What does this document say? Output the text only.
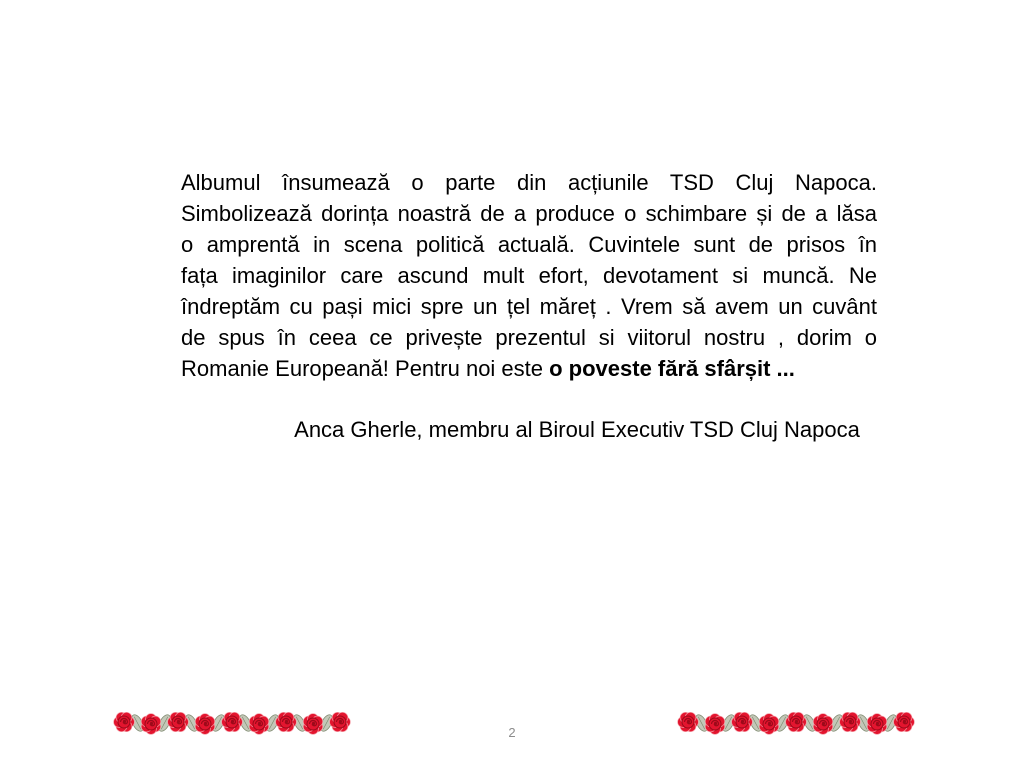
Albumul însumează o parte din acțiunile TSD Cluj Napoca.
Simbolizează dorința noastră de a produce o schimbare și de a lăsa
o amprentă in scena politică actuală. Cuvintele sunt de prisos în
fața imaginilor care ascund mult efort, devotament si muncă. Ne
îndreptăm cu pași mici spre un țel măreț . Vrem să avem un cuvânt
de spus în ceea ce privește prezentul si viitorul nostru , dorim o
Romanie Europeană! Pentru noi este o poveste fără sfârșit ...
Anca Gherle, membru al Biroul Executiv TSD Cluj Napoca
2
